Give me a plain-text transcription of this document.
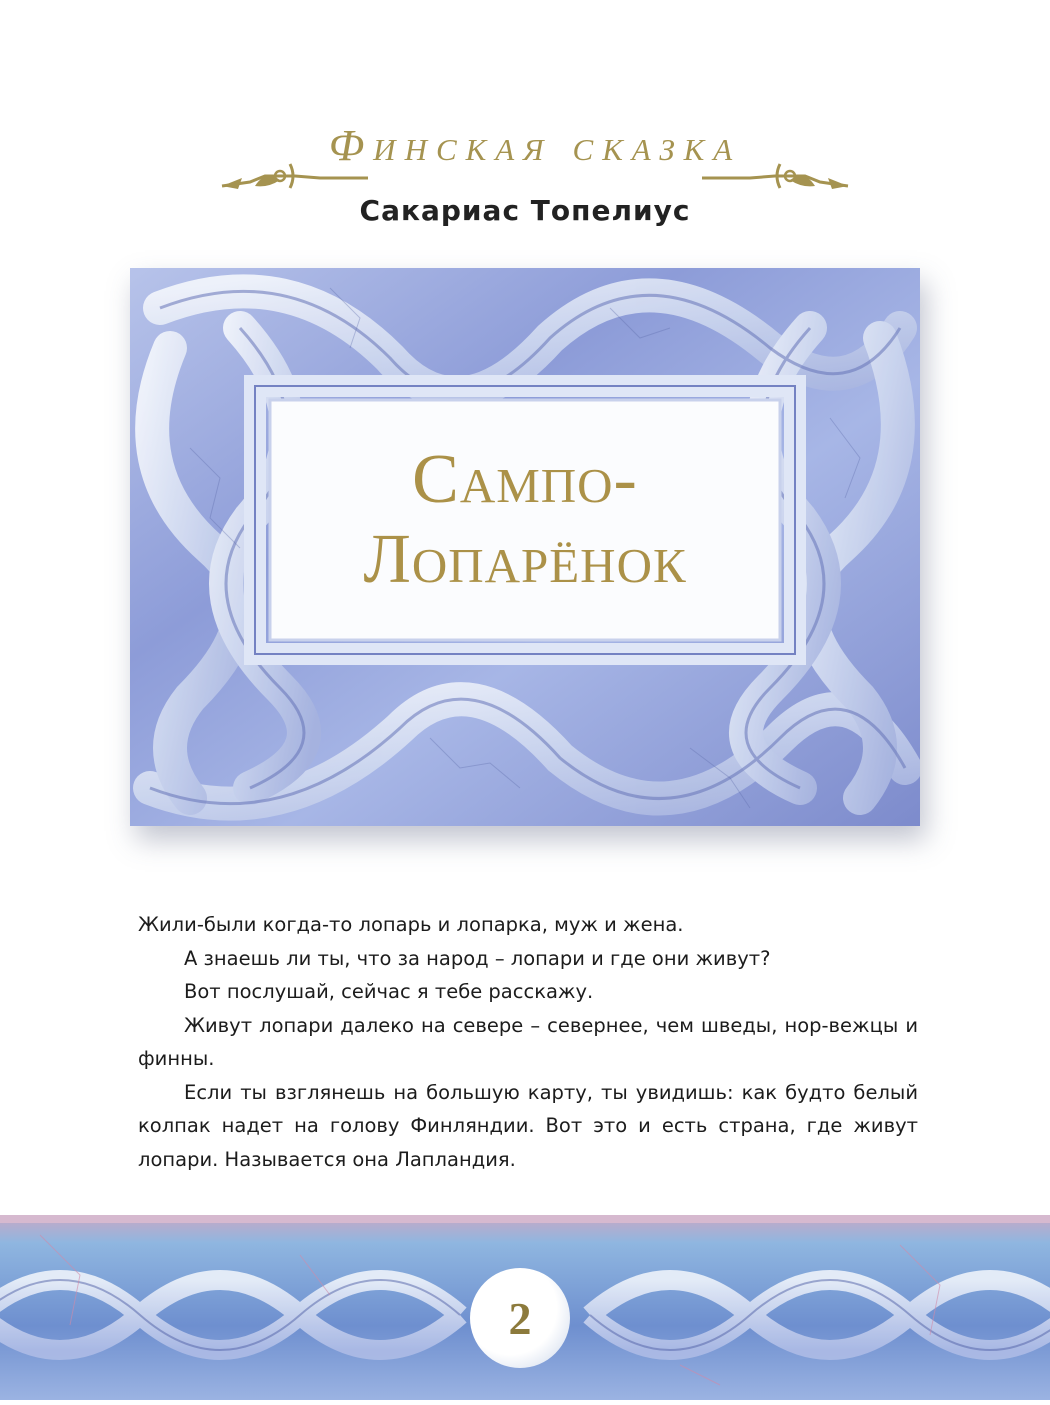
Финская сказка
Сакариас Топелиус
Сампо-
Лопарёнок

Жили-были когда-то лопарь и лопарка, муж и жена.

А знаешь ли ты, что за народ – лопари и где они живут?

Вот послушай, сейчас я тебе расскажу.

Живут лопари далеко на севере – севернее, чем шведы, нор-вежцы и финны.

Если ты взглянешь на большую карту, ты увидишь: как будто белый колпак надет на голову Финляндии. Вот это и есть страна, где живут лопари. Называется она Лапландия.

2
